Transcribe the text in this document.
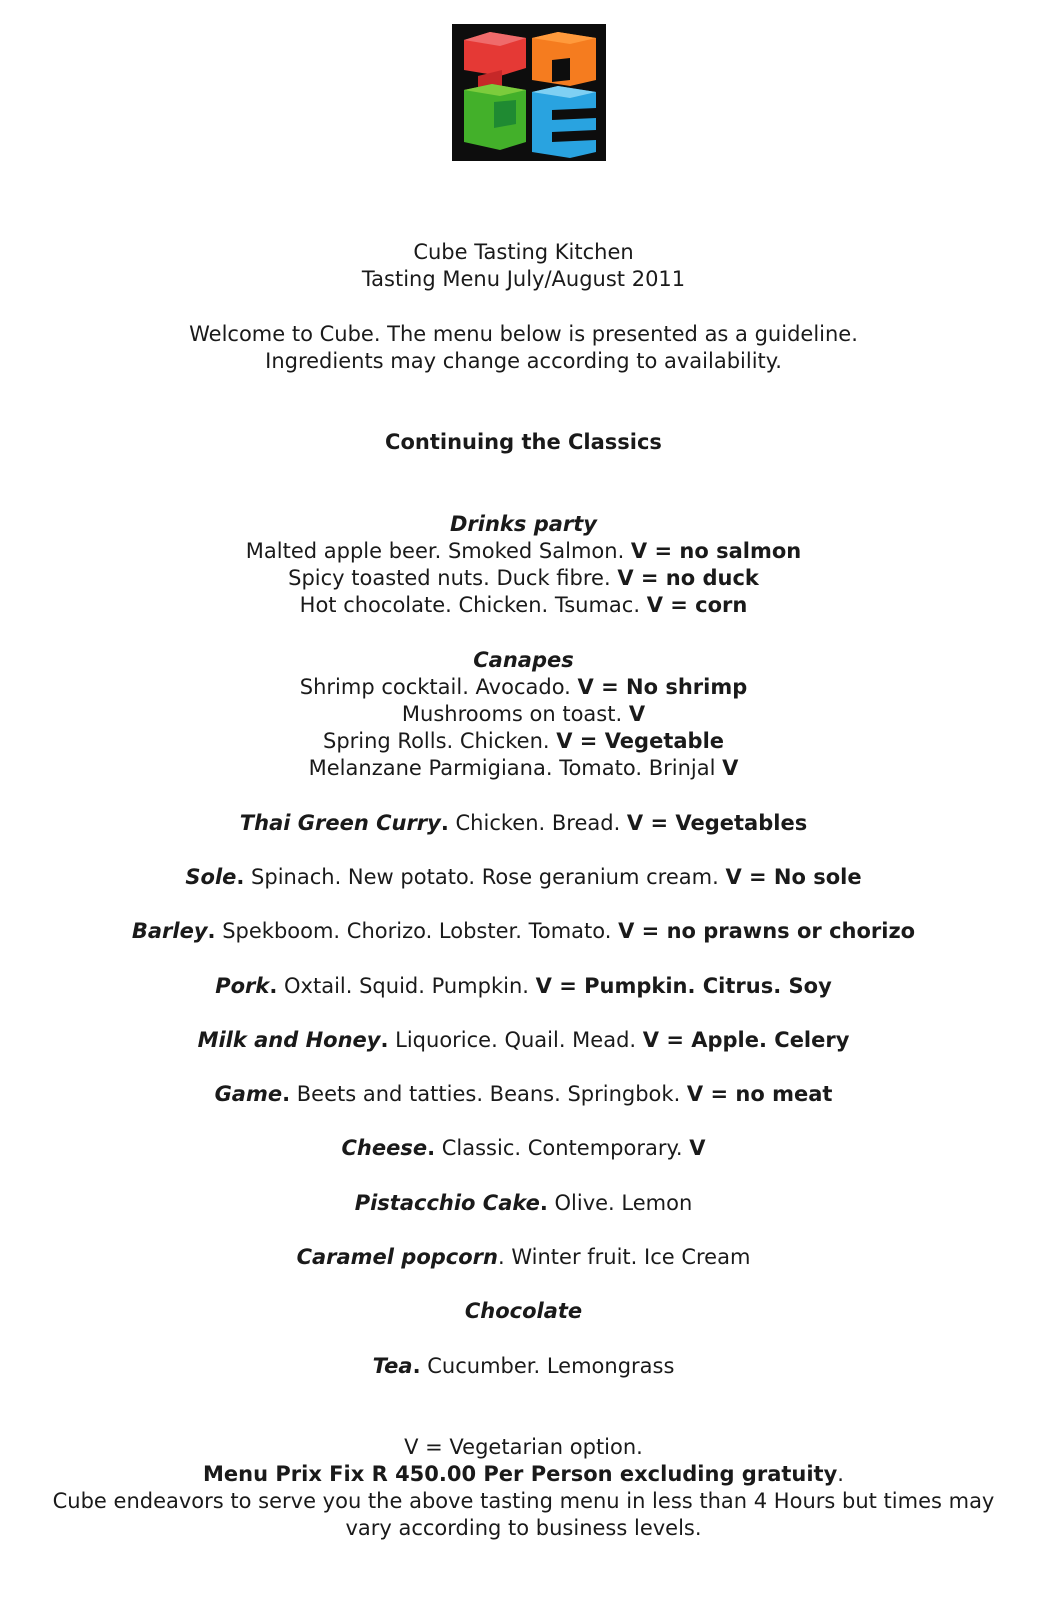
Cube Tasting Kitchen
Tasting Menu July/August 2011
Welcome to Cube. The menu below is presented as a guideline.
Ingredients may change according to availability.
Continuing the Classics
Drinks party
Malted apple beer. Smoked Salmon. V = no salmon
Spicy toasted nuts. Duck fibre. V = no duck
Hot chocolate. Chicken. Tsumac. V = corn
Canapes
Shrimp cocktail. Avocado. V = No shrimp
Mushrooms on toast. V
Spring Rolls. Chicken. V = Vegetable
Melanzane Parmigiana. Tomato. Brinjal V
Thai Green Curry. Chicken. Bread. V = Vegetables
Sole. Spinach. New potato. Rose geranium cream. V = No sole
Barley. Spekboom. Chorizo. Lobster. Tomato. V = no prawns or chorizo
Pork. Oxtail. Squid. Pumpkin. V = Pumpkin. Citrus. Soy
Milk and Honey. Liquorice. Quail. Mead. V = Apple. Celery
Game. Beets and tatties. Beans. Springbok. V = no meat
Cheese. Classic. Contemporary. V
Pistacchio Cake. Olive. Lemon
Caramel popcorn. Winter fruit. Ice Cream
Chocolate
Tea. Cucumber. Lemongrass
V = Vegetarian option.
Menu Prix Fix R 450.00 Per Person excluding gratuity.
Cube endeavors to serve you the above tasting menu in less than 4 Hours but times may
vary according to business levels.
